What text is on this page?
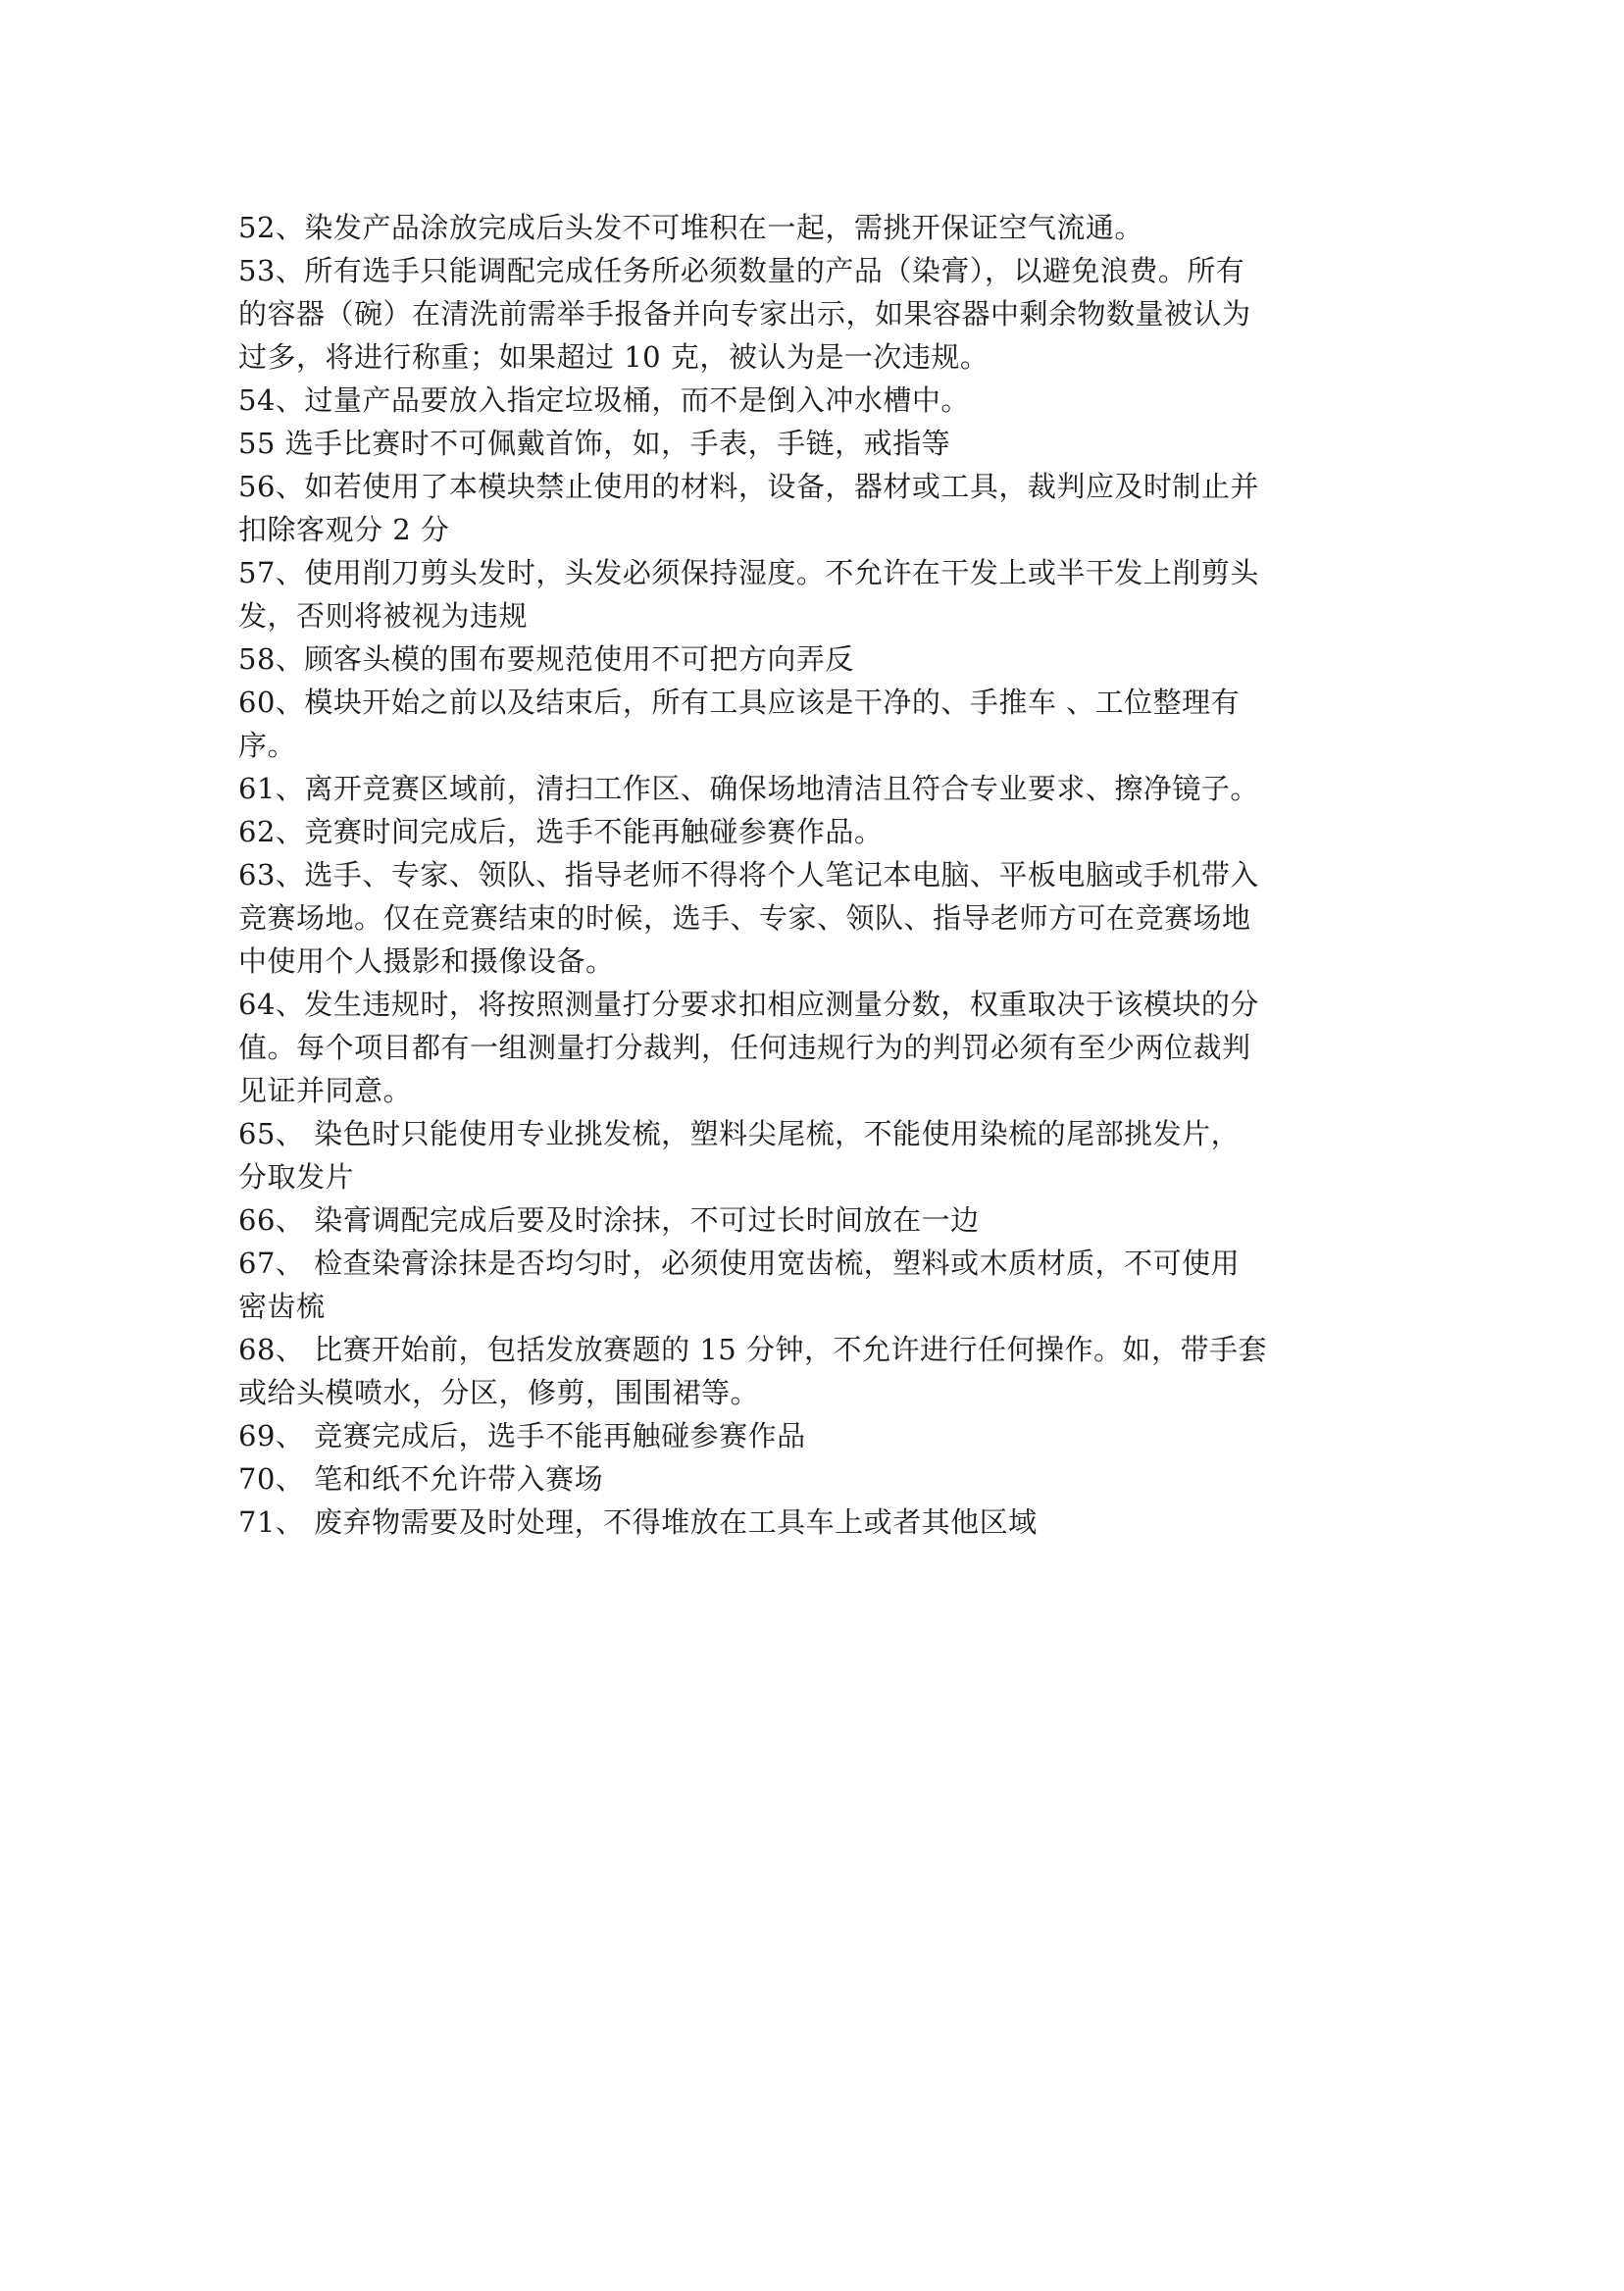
52、染发产品涂放完成后头发不可堆积在一起，需挑开保证空气流通。
53、所有选手只能调配完成任务所必须数量的产品（染膏），以避免浪费。所有
的容器（碗）在清洗前需举手报备并向专家出示，如果容器中剩余物数量被认为
过多，将进行称重；如果超过 10 克，被认为是一次违规。
54、过量产品要放入指定垃圾桶，而不是倒入冲水槽中。
55 选手比赛时不可佩戴首饰，如，手表，手链，戒指等
56、如若使用了本模块禁止使用的材料，设备，器材或工具，裁判应及时制止并
扣除客观分 2 分
57、使用削刀剪头发时，头发必须保持湿度。不允许在干发上或半干发上削剪头
发，否则将被视为违规
58、顾客头模的围布要规范使用不可把方向弄反
60、模块开始之前以及结束后，所有工具应该是干净的、手推车 、工位整理有
序。
61、离开竞赛区域前，清扫工作区、确保场地清洁且符合专业要求、擦净镜子。
62、竞赛时间完成后，选手不能再触碰参赛作品。
63、选手、专家、领队、指导老师不得将个人笔记本电脑、平板电脑或手机带入
竞赛场地。仅在竞赛结束的时候，选手、专家、领队、指导老师方可在竞赛场地
中使用个人摄影和摄像设备。
64、发生违规时，将按照测量打分要求扣相应测量分数，权重取决于该模块的分
值。每个项目都有一组测量打分裁判，任何违规行为的判罚必须有至少两位裁判
见证并同意。
65、 染色时只能使用专业挑发梳，塑料尖尾梳，不能使用染梳的尾部挑发片，
分取发片
66、 染膏调配完成后要及时涂抹，不可过长时间放在一边
67、 检查染膏涂抹是否均匀时，必须使用宽齿梳，塑料或木质材质，不可使用
密齿梳
68、 比赛开始前，包括发放赛题的 15 分钟，不允许进行任何操作。如，带手套
或给头模喷水，分区，修剪，围围裙等。
69、 竞赛完成后，选手不能再触碰参赛作品
70、 笔和纸不允许带入赛场
71、 废弃物需要及时处理，不得堆放在工具车上或者其他区域
